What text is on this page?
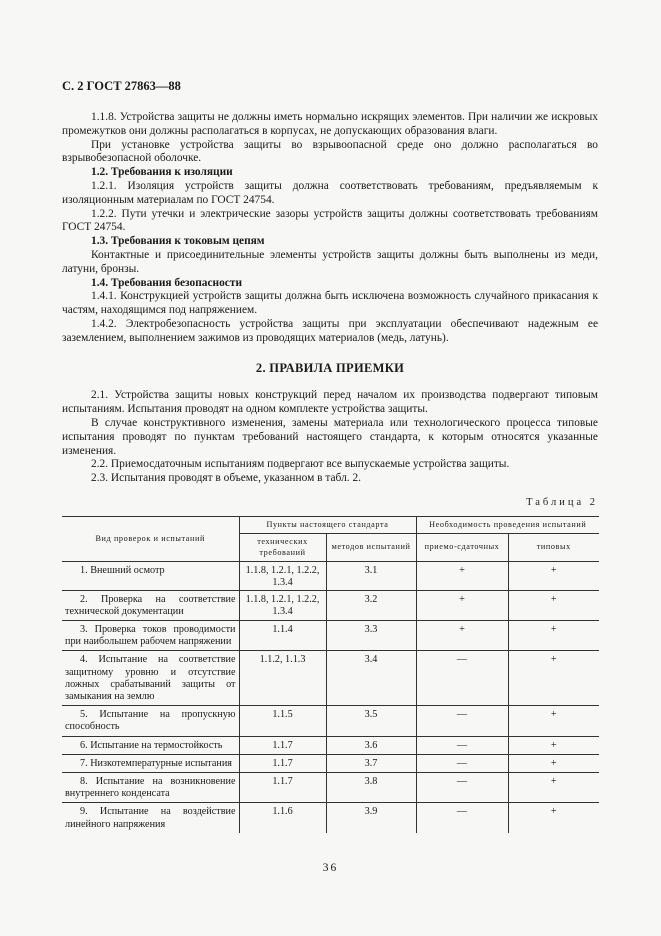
С. 2 ГОСТ 27863—88

1.1.8. Устройства защиты не должны иметь нормально искрящих элементов. При наличии же искровых промежутков они должны располагаться в корпусах, не допускающих образования влаги.

При установке устройства защиты во взрывоопасной среде оно должно располагаться во взрывобезопасной оболочке.

1.2. Требования к изоляции

1.2.1. Изоляция устройств защиты должна соответствовать требованиям, предъявляемым к изоляционным материалам по ГОСТ 24754.

1.2.2. Пути утечки и электрические зазоры устройств защиты должны соответствовать требованиям ГОСТ 24754.

1.3. Требования к токовым цепям

Контактные и присоединительные элементы устройств защиты должны быть выполнены из меди, латуни, бронзы.

1.4. Требования безопасности

1.4.1. Конструкцией устройств защиты должна быть исключена возможность случайного прикасания к частям, находящимся под напряжением.

1.4.2. Электробезопасность устройства защиты при эксплуатации обеспечивают надежным ее заземлением, выполнением зажимов из проводящих материалов (медь, латунь).

2. ПРАВИЛА ПРИЕМКИ

2.1. Устройства защиты новых конструкций перед началом их производства подвергают типовым испытаниям. Испытания проводят на одном комплекте устройства защиты.

В случае конструктивного изменения, замены материала или технологического процесса типовые испытания проводят по пунктам требований настоящего стандарта, к которым относятся указанные изменения.

2.2. Приемосдаточным испытаниям подвергают все выпускаемые устройства защиты.

2.3. Испытания проводят в объеме, указанном в табл. 2.

Таблица 2
Вид проверок и испытаний	Пункты настоящего стандарта		Необходимость проведения испытаний	
	технических требований	методов испытаний	приемо-сдаточных	типовых

1. Внешний осмотр	1.1.8, 1.2.1, 1.2.2, 1.3.4	3.1	+	+

2. Проверка на соответствие технической документации	1.1.8, 1.2.1, 1.2.2, 1.3.4	3.2	+	+

3. Проверка токов проводимости при наибольшем рабочем напряжении	1.1.4	3.3	+	+

4. Испытание на соответствие защитному уровню и отсутствие ложных срабатываний защиты от замыкания на землю	1.1.2, 1.1.3	3.4	—	+

5. Испытание на пропускную способность	1.1.5	3.5	—	+

6. Испытание на термостойкость	1.1.7	3.6	—	+

7. Низкотемпературные испытания	1.1.7	3.7	—	+

8. Испытание на возникновение внутреннего конденсата	1.1.7	3.8	—	+

9. Испытание на воздействие линейного напряжения	1.1.6	3.9	—	+
36
